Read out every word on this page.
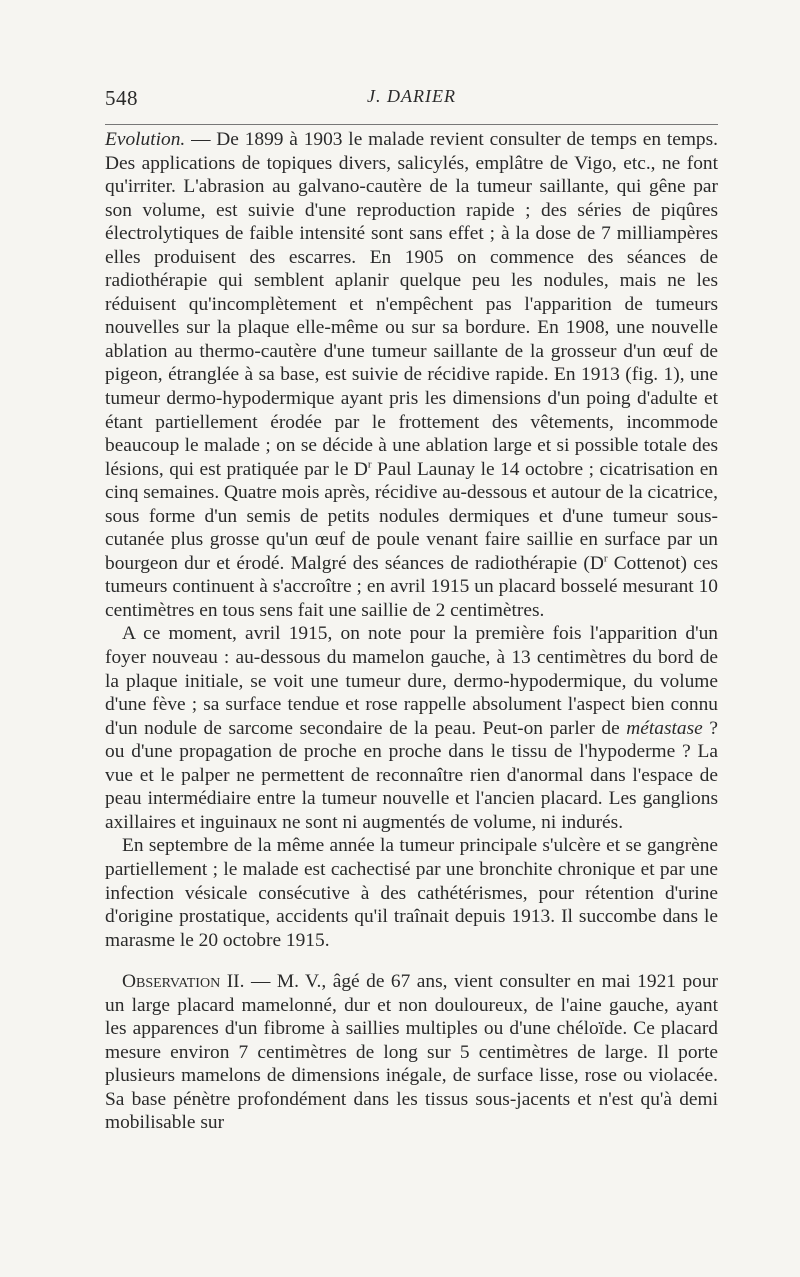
548	J. DARIER

Evolution. — De 1899 à 1903 le malade revient consulter de temps en temps. Des applications de topiques divers, salicylés, emplâtre de Vigo, etc., ne font qu'irriter. L'abrasion au galvano-cautère de la tumeur saillante, qui gêne par son volume, est suivie d'une reproduction rapide ; des séries de piqûres électrolytiques de faible intensité sont sans effet ; à la dose de 7 milliampères elles produisent des escarres. En 1905 on commence des séances de radiothérapie qui semblent aplanir quelque peu les nodules, mais ne les réduisent qu'incomplètement et n'empêchent pas l'apparition de tumeurs nouvelles sur la plaque elle-même ou sur sa bordure. En 1908, une nouvelle ablation au thermo-cautère d'une tumeur saillante de la grosseur d'un œuf de pigeon, étranglée à sa base, est suivie de récidive rapide. En 1913 (fig. 1), une tumeur dermo-hypodermique ayant pris les dimensions d'un poing d'adulte et étant partiellement érodée par le frottement des vêtements, incommode beaucoup le malade ; on se décide à une ablation large et si possible totale des lésions, qui est pratiquée par le $D^r$ Paul Launay le 14 octobre ; cicatrisation en cinq semaines. Quatre mois après, récidive au-dessous et autour de la cicatrice, sous forme d'un semis de petits nodules dermiques et d'une tumeur sous-cutanée plus grosse qu'un œuf de poule venant faire saillie en surface par un bourgeon dur et érodé. Malgré des séances de radiothérapie ($D^r$ Cottenot) ces tumeurs continuent à s'accroître ; en avril 1915 un placard bosselé mesurant 10 centimètres en tous sens fait une saillie de 2 centimètres.

A ce moment, avril 1915, on note pour la première fois l'apparition d'un foyer nouveau : au-dessous du mamelon gauche, à 13 centimètres du bord de la plaque initiale, se voit une tumeur dure, dermo-hypodermique, du volume d'une fève ; sa surface tendue et rose rappelle absolument l'aspect bien connu d'un nodule de sarcome secondaire de la peau. Peut-on parler de métastase ? ou d'une propagation de proche en proche dans le tissu de l'hypoderme ? La vue et le palper ne permettent de reconnaître rien d'anormal dans l'espace de peau intermédiaire entre la tumeur nouvelle et l'ancien placard. Les ganglions axillaires et inguinaux ne sont ni augmentés de volume, ni indurés.

En septembre de la même année la tumeur principale s'ulcère et se gangrène partiellement ; le malade est cachectisé par une bronchite chronique et par une infection vésicale consécutive à des cathétérismes, pour rétention d'urine d'origine prostatique, accidents qu'il traînait depuis 1913. Il succombe dans le marasme le 20 octobre 1915.

Observation II. — M. V., âgé de 67 ans, vient consulter en mai 1921 pour un large placard mamelonné, dur et non douloureux, de l'aine gauche, ayant les apparences d'un fibrome à saillies multiples ou d'une chéloïde. Ce placard mesure environ 7 centimètres de long sur 5 centimètres de large. Il porte plusieurs mamelons de dimensions inégale, de surface lisse, rose ou violacée. Sa base pénètre profondément dans les tissus sous-jacents et n'est qu'à demi mobilisable sur
